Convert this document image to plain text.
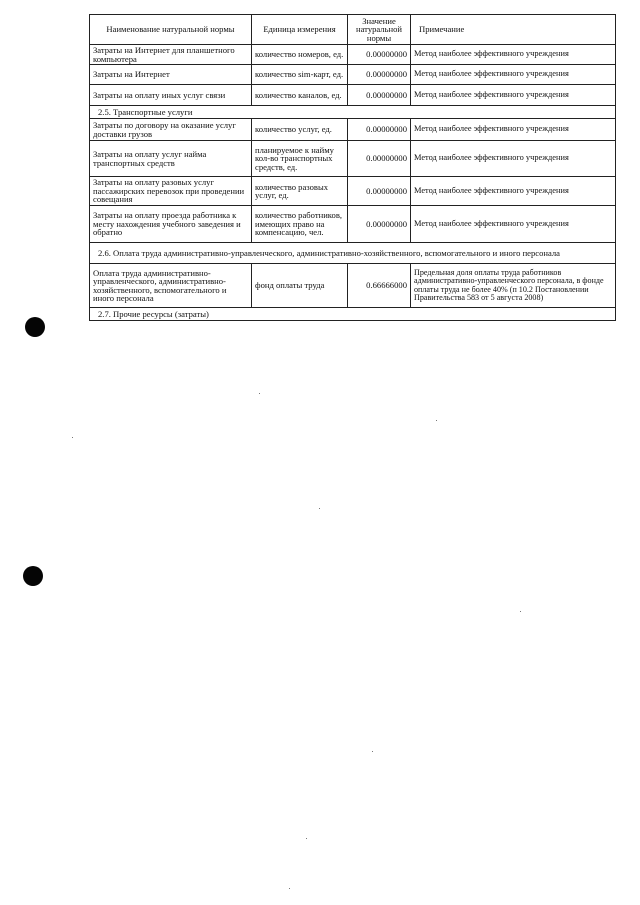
Наименование натуральной нормы	Единица измерения	Значение натуральной нормы	Примечание
Затраты на Интернет для планшетного компьютера	количество номеров, ед.	0.00000000	Метод наиболее эффективного учреждения
Затраты на Интернет	количество sim-карт, ед.	0.00000000	Метод наиболее эффективного учреждения
Затраты на оплату иных услуг связи	количество каналов, ед.	0.00000000	Метод наиболее эффективного учреждения
2.5. Транспортные услуги			
Затраты по договору на оказание услуг доставки грузов	количество услуг, ед.	0.00000000	Метод наиболее эффективного учреждения
Затраты на оплату услуг найма транспортных средств	планируемое к найму кол-во транспортных средств, ед.	0.00000000	Метод наиболее эффективного учреждения
Затраты на оплату разовых услуг пассажирских перевозок при проведении совещания	количество разовых услуг, ед.	0.00000000	Метод наиболее эффективного учреждения
Затраты на оплату проезда работника к месту нахождения учебного заведения и обратно	количество работников, имеющих право на компенсацию, чел.	0.00000000	Метод наиболее эффективного учреждения
2.6. Оплата труда административно-управленческого, административно-хозяйственного, вспомогательного и иного персонала			
Оплата труда административно-управленческого, административно-хозяйственного, вспомогательного и иного персонала	фонд оплаты труда	0.66666000	Предельная доля оплаты труда работников административно-управленческого персонала, в фонде оплаты труда не более 40% (п 10.2 Постановлении Правительства 583 от 5 августа 2008)
2.7. Прочие ресурсы (затраты)			
